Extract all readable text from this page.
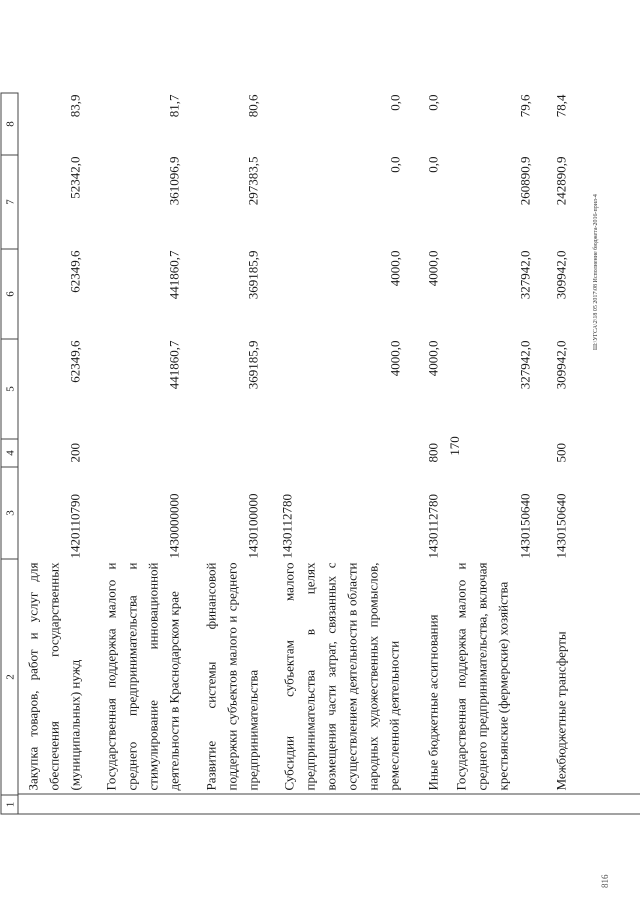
1
2
3
4
5
6
7
8
Закупка товаров, работ и услуг для обеспечения государственных (муниципальных) нужд
1420110790
200
62349,6
62349,6
52342,0
83,9
Государственная поддержка малого и среднего предпринимательства и стимулирование инновационной деятельности в Краснодарском крае
1430000000
441860,7
441860,7
361096,9
81,7
Развитие системы финансовой поддержки субъектов малого и среднего предпринимательства
1430100000
369185,9
369185,9
297383,5
80,6
Субсидии субъектам малого предпринимательства в целях возмещения части затрат, связанных с осуществлением деятельности в области народных художественных промыслов, ремесленной деятельности
1430112780
4000,0
4000,0
0,0
0,0
Иные бюджетные ассигнования
1430112780
800
4000,0
4000,0
0,0
0,0
Государственная поддержка малого и среднего предпринимательства, включая крестьянские (фермерские) хозяйства
1430150640
327942,0
327942,0
260890,9
79,6
Межбюджетные трансферты
1430150640
500
309942,0
309942,0
242890,9
78,4
170
Ш:\УГСА\2\18 05 2017\08 Исполнение бюджета-2016-прил-4
816
